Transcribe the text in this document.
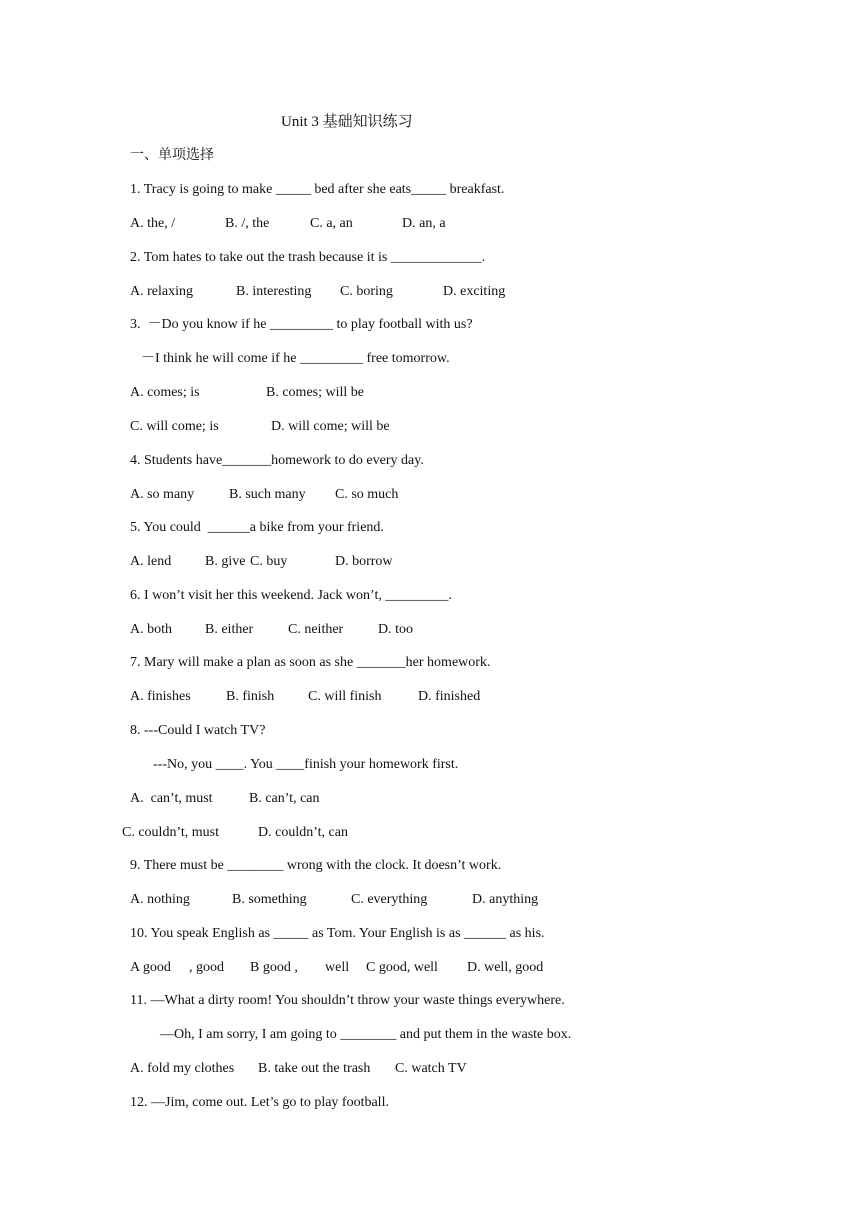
Unit 3 基础知识练习
一、单项选择
1. Tracy is going to make _____ bed after she eats_____ breakfast.
A. the, /	B. /, the	C. a, an	D. an, a
2. Tom hates to take out the trash because it is _____________.
A. relaxing	B. interesting C. boring	D. exciting
3.  －Do you know if he _________ to play football with us?
－I think he will come if he _________ free tomorrow.
A. comes; is	B. comes; will be
C. will come; is	D. will come; will be
4. Students have_______homework to do every day.
A. so many B. such many C. so much
5. You could  ______a bike from your friend.
A. lend B. give C. buy	D. borrow
6. I won’t visit her this weekend. Jack won’t, _________.
A. both B. either C. neither D. too
7. Mary will make a plan as soon as she _______her homework.
A. finishes	B. finish C. will finish	D. finished
8. ---Could I watch TV?
---No, you ____. You ____finish your homework first.
A.  can’t, must	B. can’t, can
C. couldn’t, must	D. couldn’t, can
9. There must be ________ wrong with the clock. It doesn’t work.
A. nothing	B. something	C. everything	D. anything
10. You speak English as _____ as Tom. Your English is as ______ as his.
A good , good B good , well C good, well D. well, good
11. —What a dirty room! You shouldn’t throw your waste things everywhere.
—Oh, I am sorry, I am going to ________ and put them in the waste box.
A. fold my clothes B. take out the trash C. watch TV
12. —Jim, come out. Let’s go to play football.
